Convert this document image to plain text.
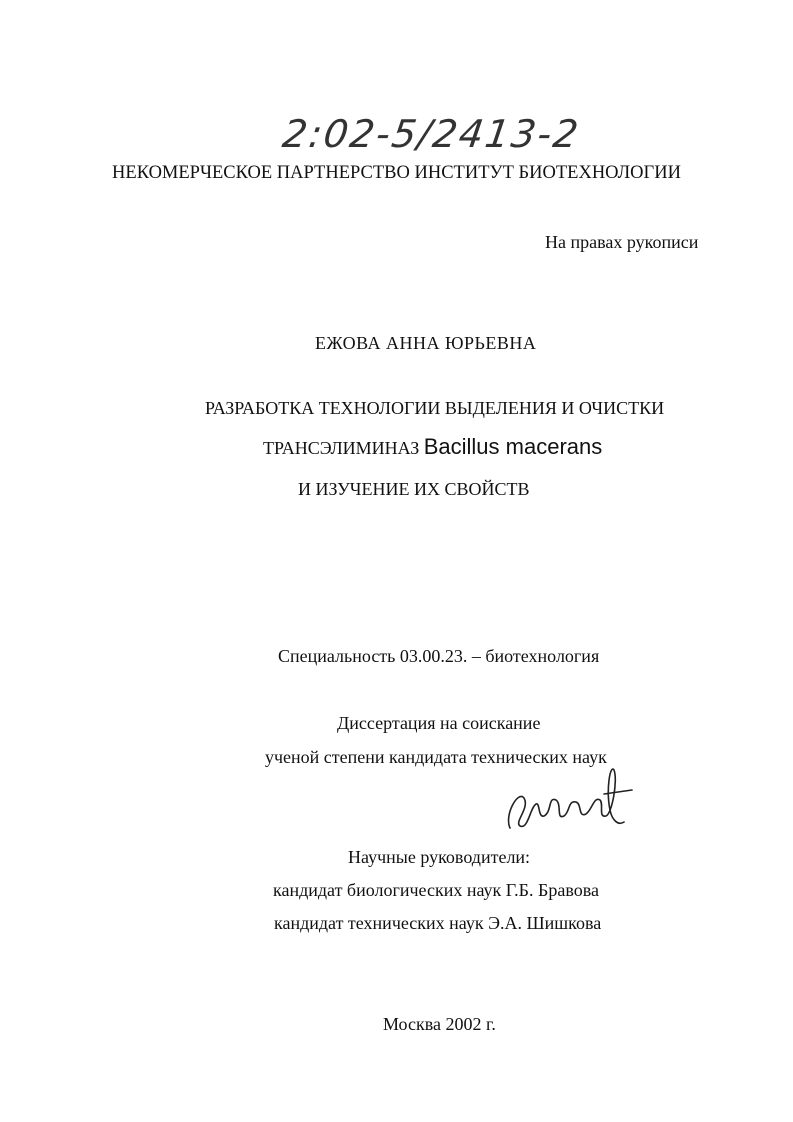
2:02-5/2413-2
НЕКОМЕРЧЕСКОЕ ПАРТНЕРСТВО ИНСТИТУТ БИОТЕХНОЛОГИИ
На правах рукописи
ЕЖОВА АННА ЮРЬЕВНА
РАЗРАБОТКА ТЕХНОЛОГИИ ВЫДЕЛЕНИЯ И ОЧИСТКИ
ТРАНСЭЛИМИНАЗ Bacillus macerans
И ИЗУЧЕНИЕ ИХ СВОЙСТВ
Специальность 03.00.23. – биотехнология
Диссертация на соискание
ученой степени кандидата технических наук
Научные руководители:
кандидат биологических наук Г.Б. Бравова
кандидат технических наук Э.А. Шишкова
Москва 2002 г.
